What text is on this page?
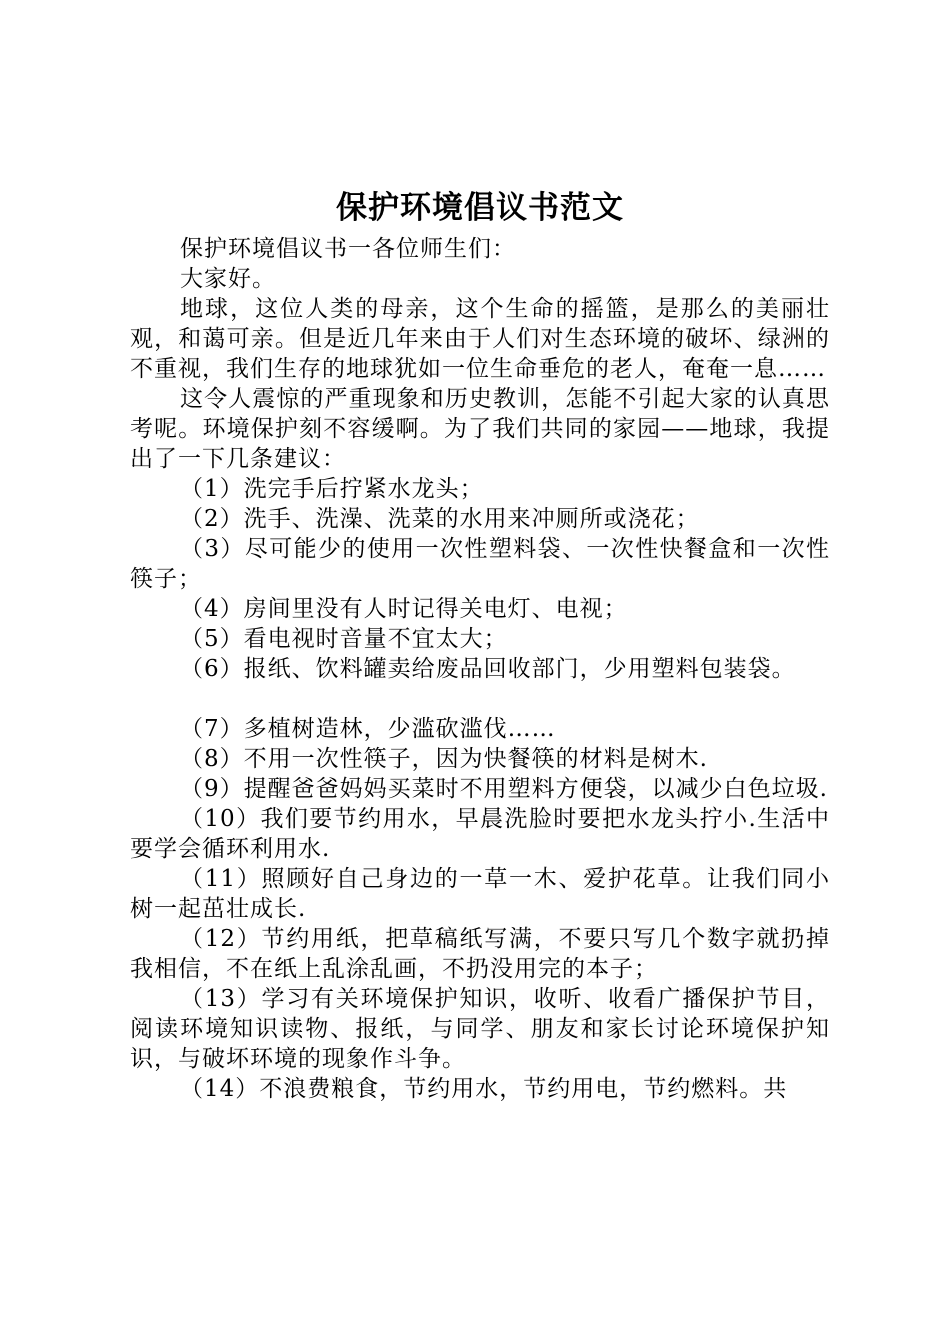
保护环境倡议书范文

保护环境倡议书一各位师生们：

大家好。

地球，这位人类的母亲，这个生命的摇篮，是那么的美丽壮观，和蔼可亲。但是近几年来由于人们对生态环境的破坏、绿洲的不重视，我们生存的地球犹如一位生命垂危的老人，奄奄一息……

这令人震惊的严重现象和历史教训，怎能不引起大家的认真思考呢。环境保护刻不容缓啊。为了我们共同的家园——地球，我提出了一下几条建议：

（1）洗完手后拧紧水龙头；

（2）洗手、洗澡、洗菜的水用来冲厕所或浇花；

（3）尽可能少的使用一次性塑料袋、一次性快餐盒和一次性筷子；

（4）房间里没有人时记得关电灯、电视；

（5）看电视时音量不宜太大；

（6）报纸、饮料罐卖给废品回收部门，少用塑料包装袋。

（7）多植树造林，少滥砍滥伐……

（8）不用一次性筷子，因为快餐筷的材料是树木.

（9）提醒爸爸妈妈买菜时不用塑料方便袋，以减少白色垃圾.

（10）我们要节约用水，早晨洗脸时要把水龙头拧小.生活中要学会循环利用水.

（11）照顾好自己身边的一草一木、爱护花草。让我们同小树一起茁壮成长.

（12）节约用纸，把草稿纸写满，不要只写几个数字就扔掉我相信，不在纸上乱涂乱画，不扔没用完的本子；

（13）学习有关环境保护知识，收听、收看广播保护节目，阅读环境知识读物、报纸，与同学、朋友和家长讨论环境保护知识，与破坏环境的现象作斗争。

（14）不浪费粮食，节约用水，节约用电，节约燃料。共
